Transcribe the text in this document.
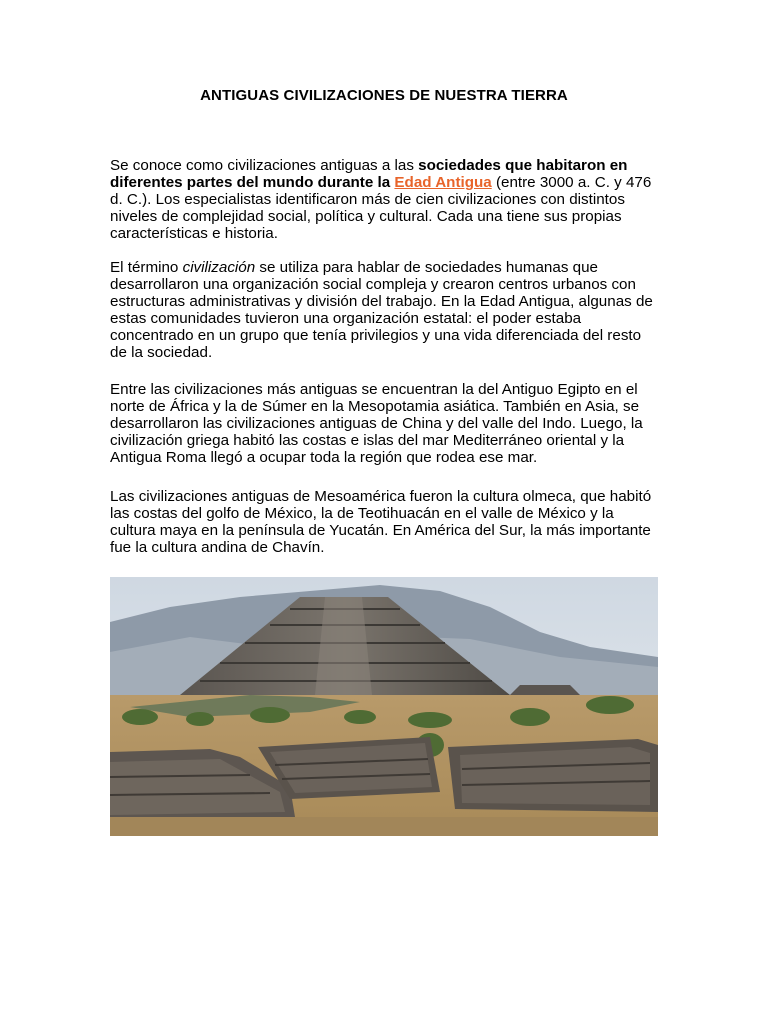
ANTIGUAS CIVILIZACIONES DE NUESTRA TIERRA

Se conoce como civilizaciones antiguas a las sociedades que habitaron en diferentes partes del mundo durante la Edad Antigua (entre 3000 a. C. y 476 d. C.). Los especialistas identificaron más de cien civilizaciones con distintos niveles de complejidad social, política y cultural. Cada una tiene sus propias características e historia.

El término civilización se utiliza para hablar de sociedades humanas que desarrollaron una organización social compleja y crearon centros urbanos con estructuras administrativas y división del trabajo. En la Edad Antigua, algunas de estas comunidades tuvieron una organización estatal: el poder estaba concentrado en un grupo que tenía privilegios y una vida diferenciada del resto de la sociedad.

Entre las civilizaciones más antiguas se encuentran la del Antiguo Egipto en el norte de África y la de Súmer en la Mesopotamia asiática. También en Asia, se desarrollaron las civilizaciones antiguas de China y del valle del Indo. Luego, la civilización griega habitó las costas e islas del mar Mediterráneo oriental y la Antigua Roma llegó a ocupar toda la región que rodea ese mar.

Las civilizaciones antiguas de Mesoamérica fueron la cultura olmeca, que habitó las costas del golfo de México, la de Teotihuacán en el valle de México y la cultura maya en la península de Yucatán. En América del Sur, la más importante fue la cultura andina de Chavín.
